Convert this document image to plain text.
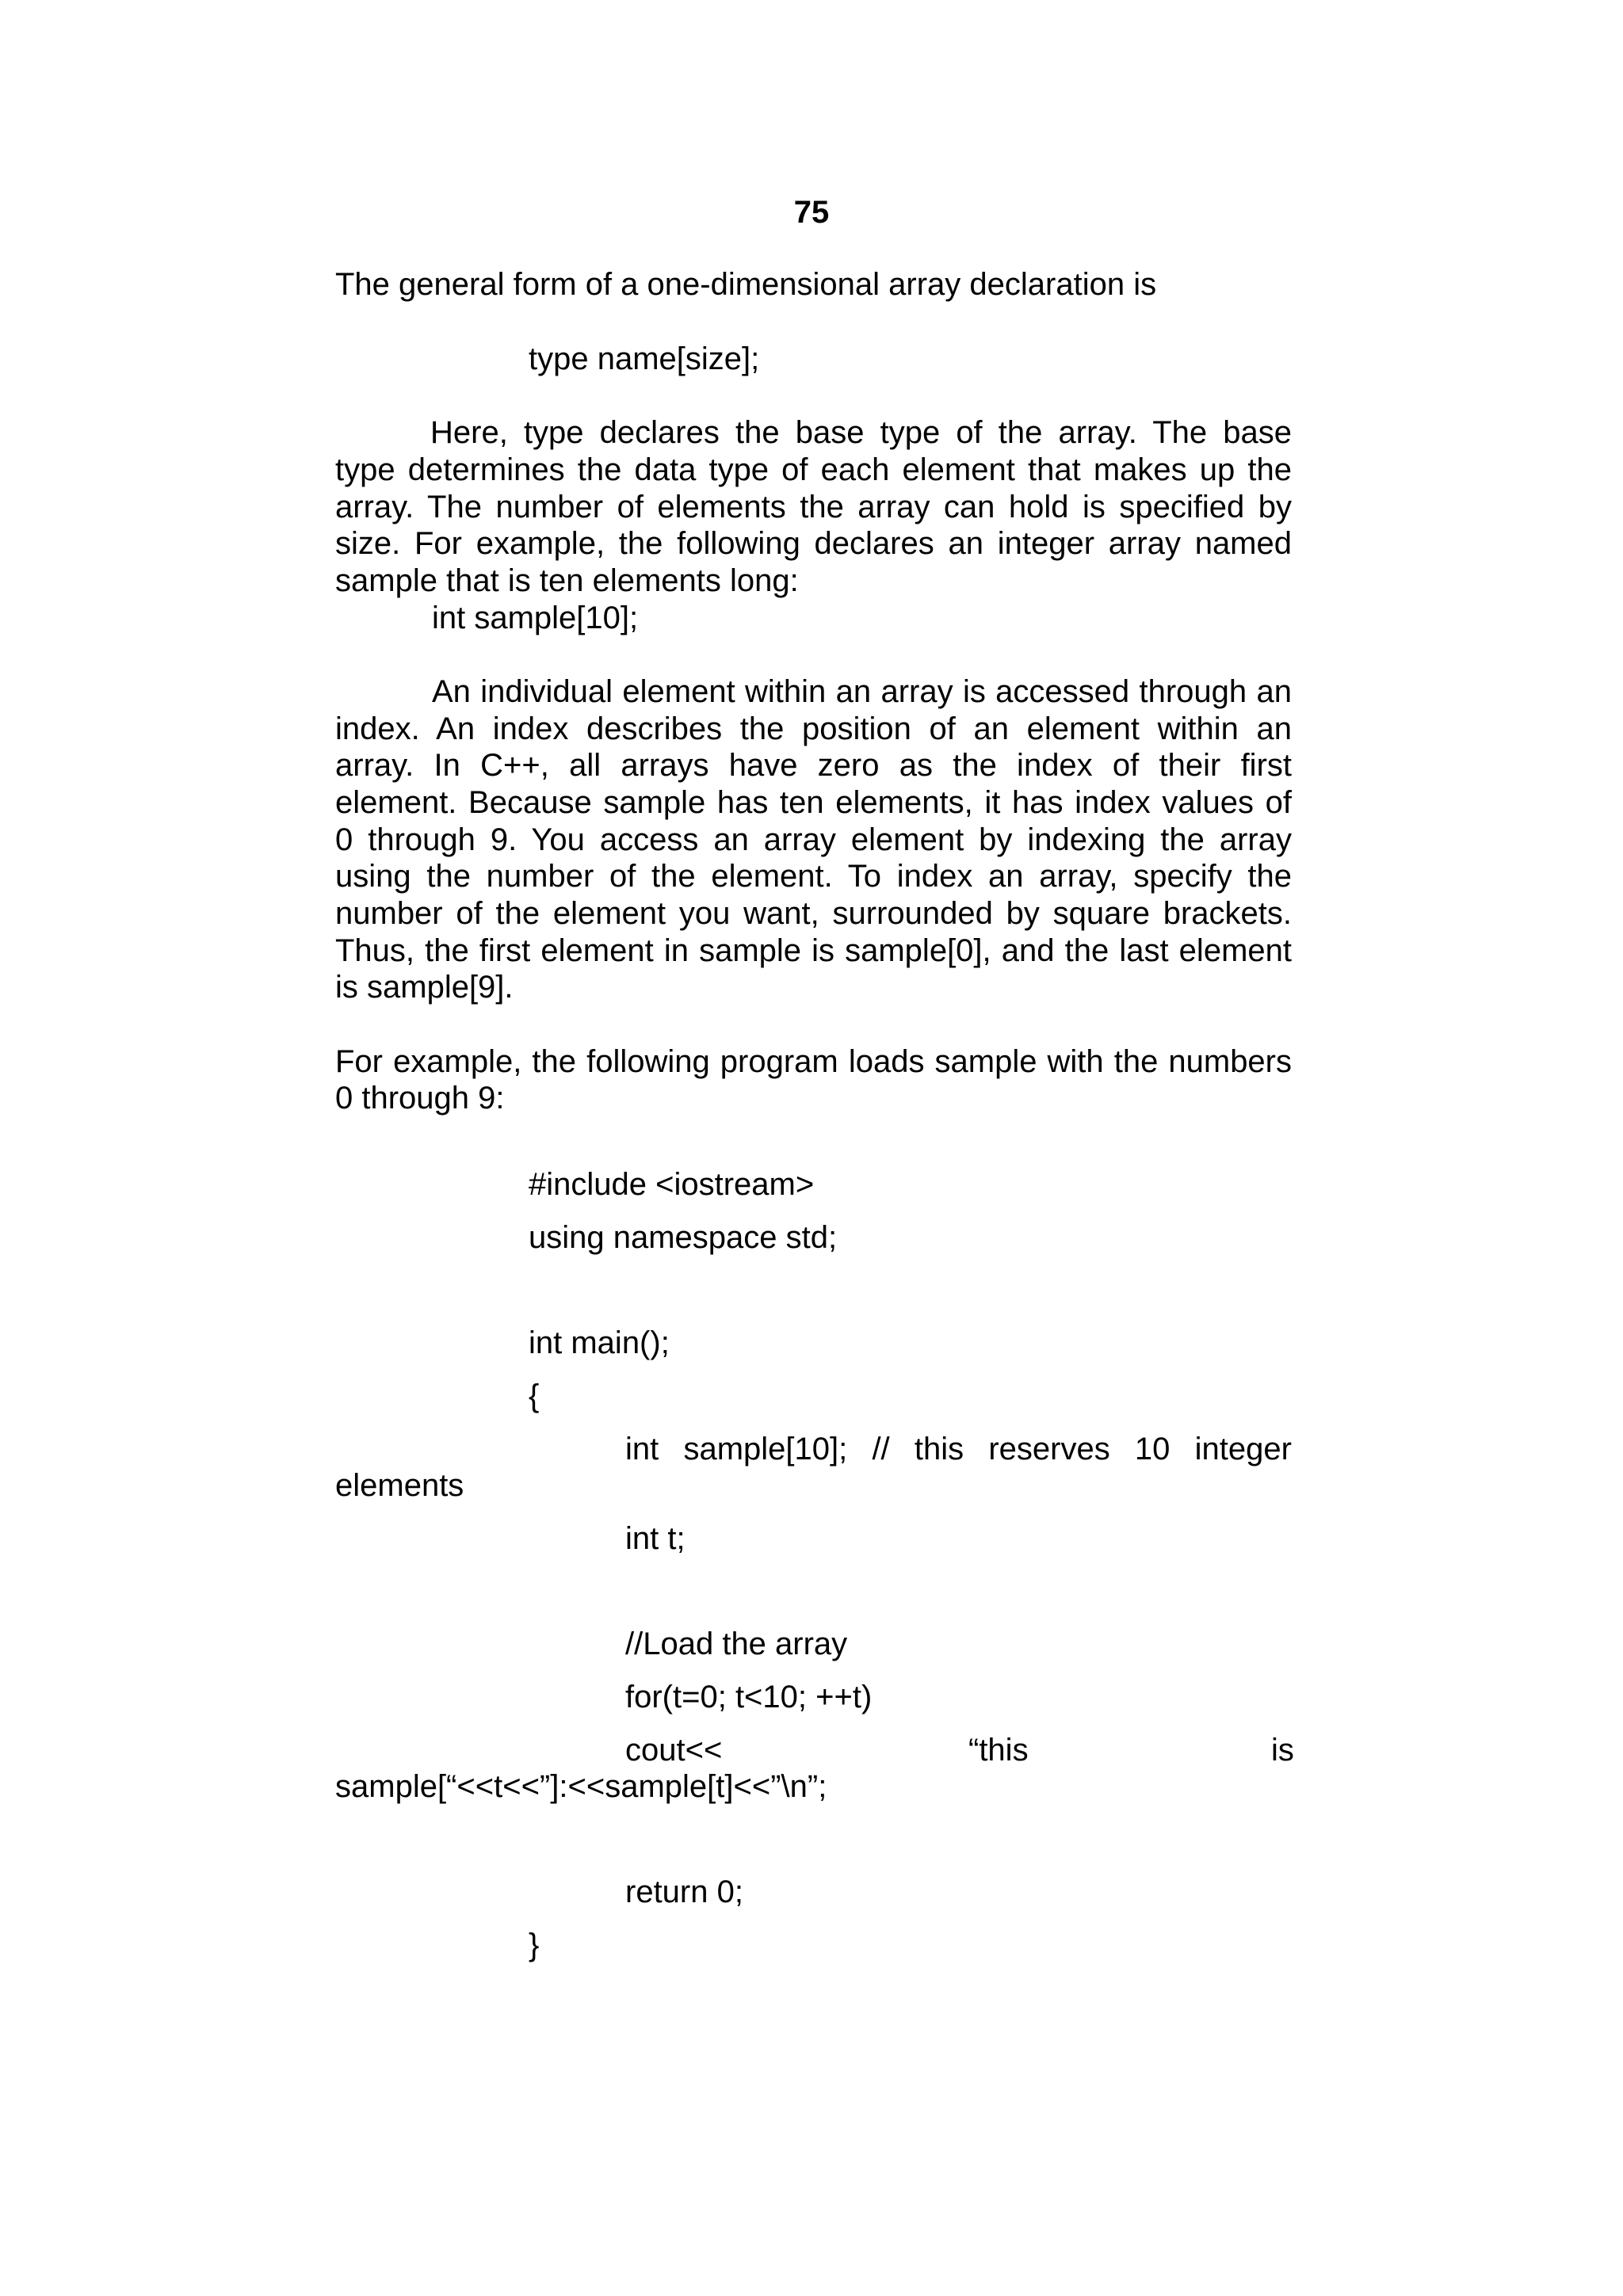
75

The general form of a one-dimensional array declaration is

type name[size];

Here, type declares the base type of the array. The base

type determines the data type of each element that makes up the

array. The number of elements the array can hold is specified by

size. For example, the following declares an integer array named

sample that is ten elements long:

int sample[10];

An individual element within an array is accessed through an

index. An index describes the position of an element within an

array. In C++, all arrays have zero as the index of their first

element. Because sample has ten elements, it has index values of

0 through 9. You access an array element by indexing the array

using the number of the element. To index an array, specify the

number of the element you want, surrounded by square brackets.

Thus, the first element in sample is sample[0], and the last element

is sample[9].

For example, the following program loads sample with the numbers

0 through 9:

#include <iostream>

using namespace std;

int main();

{

int sample[10]; // this reserves 10 integer

elements

int t;

//Load the array

for(t=0; t<10; ++t)

cout<<	“this	is

sample[“<<t<<”]:<<sample[t]<<”\n”;

return 0;

}
